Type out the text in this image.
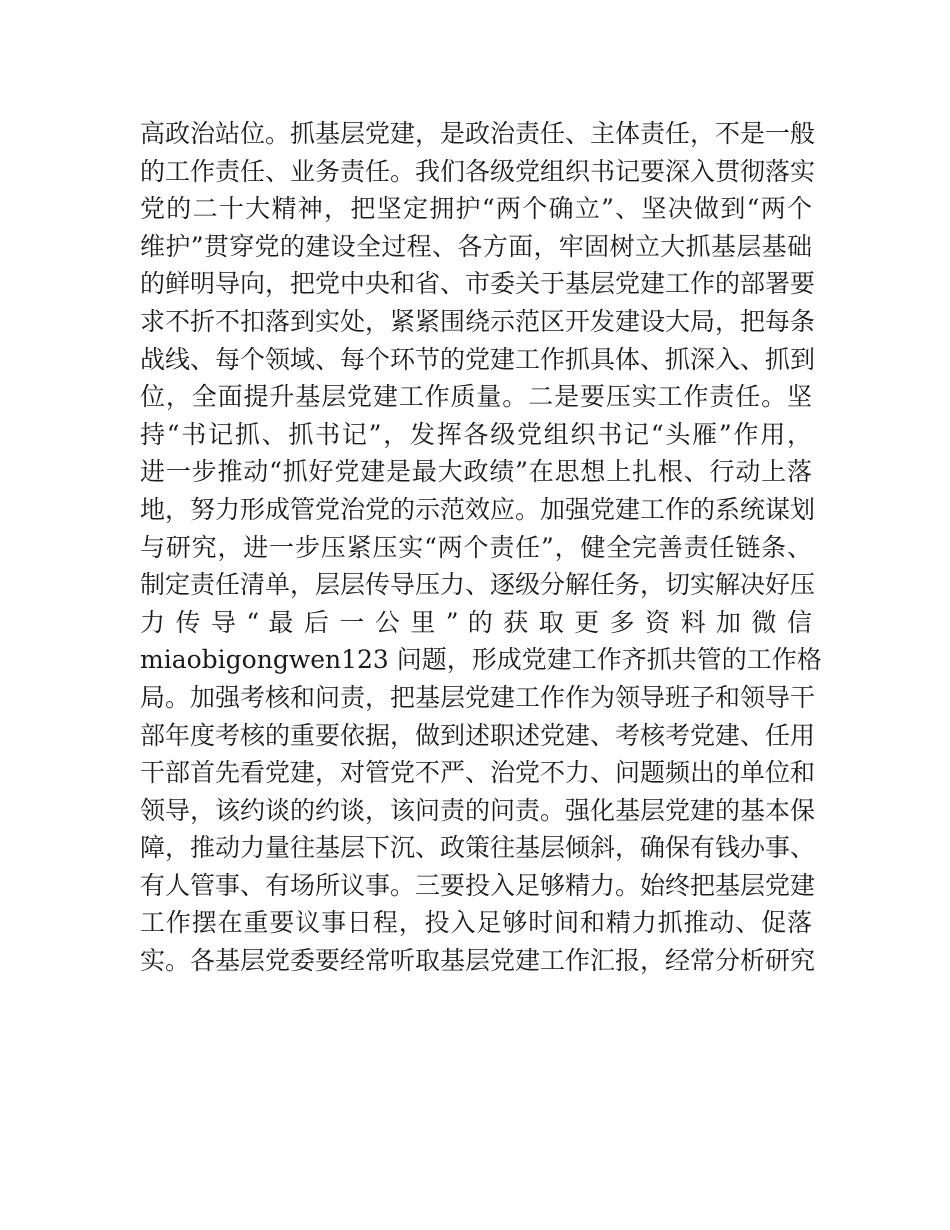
高政治站位。抓基层党建，是政治责任、主体责任，不是一般
的工作责任、业务责任。我们各级党组织书记要深入贯彻落实
党的二十大精神，把坚定拥护“两个确立”、坚决做到“两个
维护”贯穿党的建设全过程、各方面，牢固树立大抓基层基础
的鲜明导向，把党中央和省、市委关于基层党建工作的部署要
求不折不扣落到实处，紧紧围绕示范区开发建设大局，把每条
战线、每个领域、每个环节的党建工作抓具体、抓深入、抓到
位，全面提升基层党建工作质量。二是要压实工作责任。坚
持“书记抓、抓书记”，发挥各级党组织书记“头雁”作用，
进一步推动“抓好党建是最大政绩”在思想上扎根、行动上落
地，努力形成管党治党的示范效应。加强党建工作的系统谋划
与研究，进一步压紧压实“两个责任”，健全完善责任链条、
制定责任清单，层层传导压力、逐级分解任务，切实解决好压
力 传 导 “ 最 后 一 公 里 ” 的 获 取 更 多 资 料 加 微 信
miaobigongwen123 问题，形成党建工作齐抓共管的工作格
局。加强考核和问责，把基层党建工作作为领导班子和领导干
部年度考核的重要依据，做到述职述党建、考核考党建、任用
干部首先看党建，对管党不严、治党不力、问题频出的单位和
领导，该约谈的约谈，该问责的问责。强化基层党建的基本保
障，推动力量往基层下沉、政策往基层倾斜，确保有钱办事、
有人管事、有场所议事。三要投入足够精力。始终把基层党建
工作摆在重要议事日程，投入足够时间和精力抓推动、促落
实。各基层党委要经常听取基层党建工作汇报，经常分析研究
